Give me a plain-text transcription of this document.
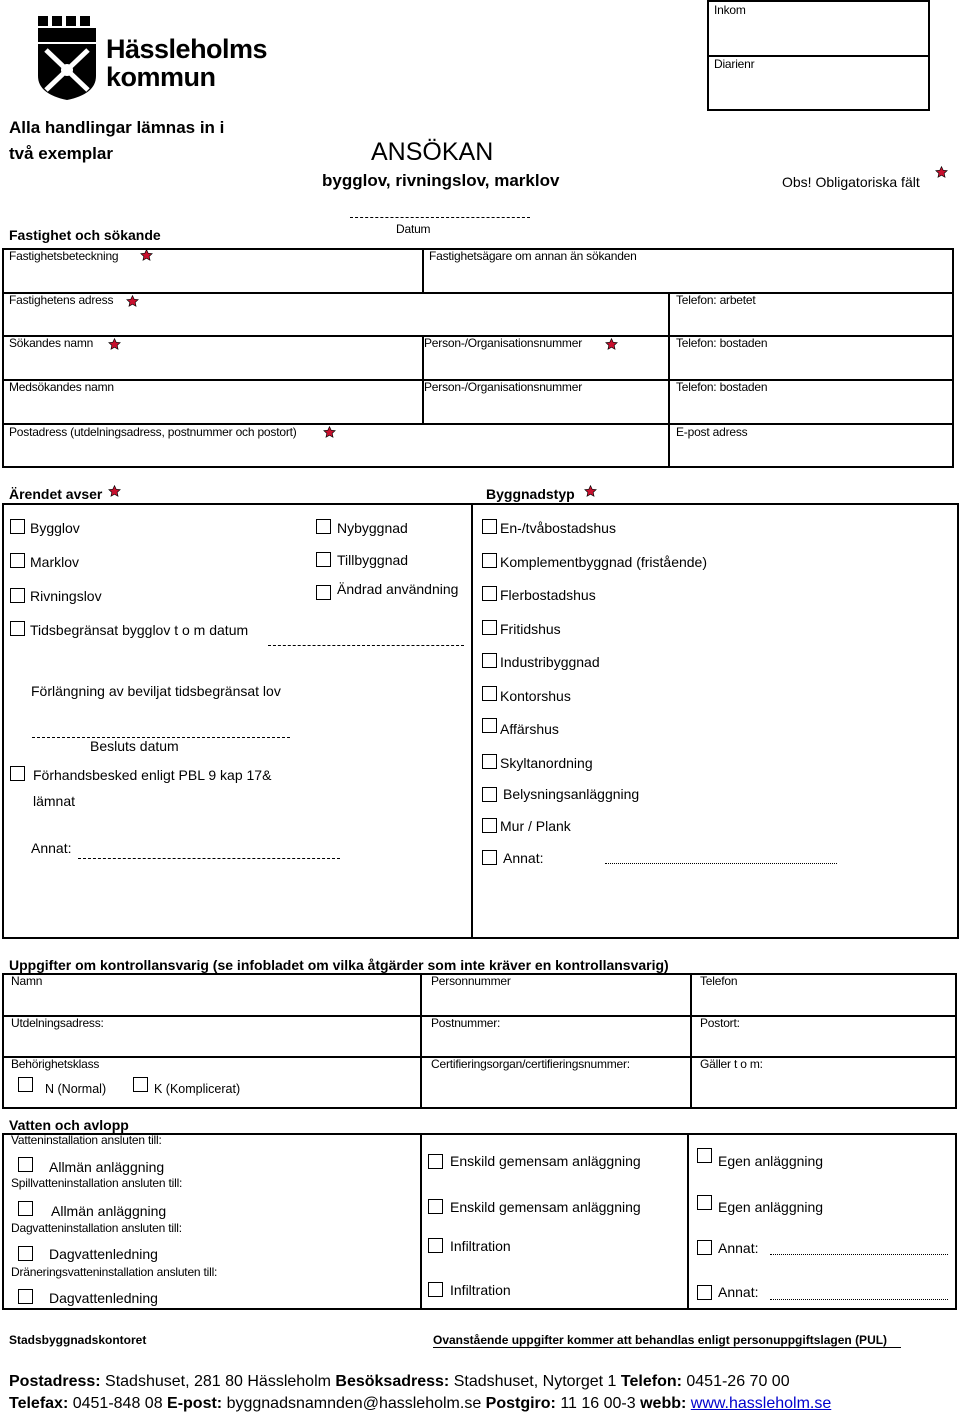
Hässleholms
kommun
Inkom
Diarienr
Alla handlingar lämnas in i
två exemplar	ANSÖKAN
bygglov, rivningslov, marklov	Obs! Obligatoriska fält
Datum
Fastighet och sökande
Fastighetsbeteckning	Fastighetsägare om annan än sökanden
Fastighetens adress	Telefon: arbetet
Sökandes namn	Person-/Organisationsnummer	Telefon: bostaden
Medsökandes namn	Person-/Organisationsnummer	Telefon: bostaden
Postadress (utdelningsadress, postnummer och postort)	E-post adress
Ärendet avser	Byggnadstyp
Bygglov
Marklov
Rivningslov
Tidsbegränsat bygglov t o m datum
Förlängning av beviljat tidsbegränsat lov
Besluts datum
Förhandsbesked enligt PBL 9 kap 17&
lämnat
Annat:
Nybyggnad
Tillbyggnad
Ändrad användning
En-/tvåbostadshus
Komplementbyggnad (fristående)
Flerbostadshus
Fritidshus
Industribyggnad
Kontorshus
Affärshus
Skyltanordning
Belysningsanläggning
Mur / Plank
Annat:
Uppgifter om kontrollansvarig (se infobladet om vilka åtgärder som inte kräver en kontrollansvarig)
Namn	Personnummer	Telefon
Utdelningsadress:	Postnummer:	Postort:
Behörighetsklass	Certifieringsorgan/certifieringsnummer:	Gäller t o m:
N (Normal)	K (Komplicerat)
Vatten och avlopp
Vatteninstallation ansluten till:
Allmän anläggning	Enskild gemensam anläggning	Egen anläggning
Spillvatteninstallation ansluten till:
Allmän anläggning	Enskild gemensam anläggning	Egen anläggning
Dagvatteninstallation ansluten till:
Dagvattenledning	Infiltration	Annat:
Dräneringsvatteninstallation ansluten till:
Dagvattenledning	Infiltration	Annat:
Stadsbyggnadskontoret	Ovanstående uppgifter kommer att behandlas enligt personuppgiftslagen (PUL)
Postadress: Stadshuset, 281 80 Hässleholm Besöksadress: Stadshuset, Nytorget 1 Telefon: 0451-26 70 00
Telefax: 0451-848 08 E-post: byggnadsnamnden@hassleholm.se Postgiro: 11 16 00-3 webb: www.hassleholm.se
